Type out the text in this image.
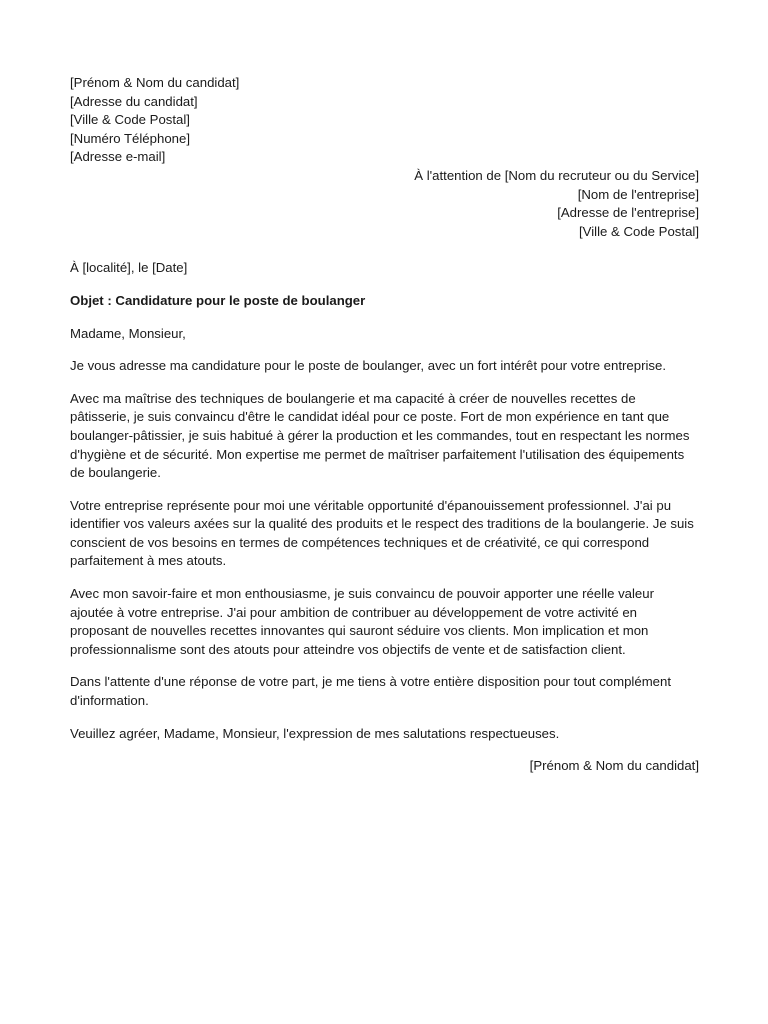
[Prénom & Nom du candidat]
[Adresse du candidat]
[Ville & Code Postal]
[Numéro Téléphone]
[Adresse e-mail]
À l'attention de [Nom du recruteur ou du Service]
[Nom de l'entreprise]
[Adresse de l'entreprise]
[Ville & Code Postal]
À [localité], le [Date]
Objet : Candidature pour le poste de boulanger
Madame, Monsieur,
Je vous adresse ma candidature pour le poste de boulanger, avec un fort intérêt pour votre entreprise.
Avec ma maîtrise des techniques de boulangerie et ma capacité à créer de nouvelles recettes de pâtisserie, je suis convaincu d'être le candidat idéal pour ce poste. Fort de mon expérience en tant que boulanger-pâtissier, je suis habitué à gérer la production et les commandes, tout en respectant les normes d'hygiène et de sécurité. Mon expertise me permet de maîtriser parfaitement l'utilisation des équipements de boulangerie.
Votre entreprise représente pour moi une véritable opportunité d'épanouissement professionnel. J'ai pu identifier vos valeurs axées sur la qualité des produits et le respect des traditions de la boulangerie. Je suis conscient de vos besoins en termes de compétences techniques et de créativité, ce qui correspond parfaitement à mes atouts.
Avec mon savoir-faire et mon enthousiasme, je suis convaincu de pouvoir apporter une réelle valeur ajoutée à votre entreprise. J'ai pour ambition de contribuer au développement de votre activité en proposant de nouvelles recettes innovantes qui sauront séduire vos clients. Mon implication et mon professionnalisme sont des atouts pour atteindre vos objectifs de vente et de satisfaction client.
Dans l'attente d'une réponse de votre part, je me tiens à votre entière disposition pour tout complément d'information.
Veuillez agréer, Madame, Monsieur, l'expression de mes salutations respectueuses.
[Prénom & Nom du candidat]
